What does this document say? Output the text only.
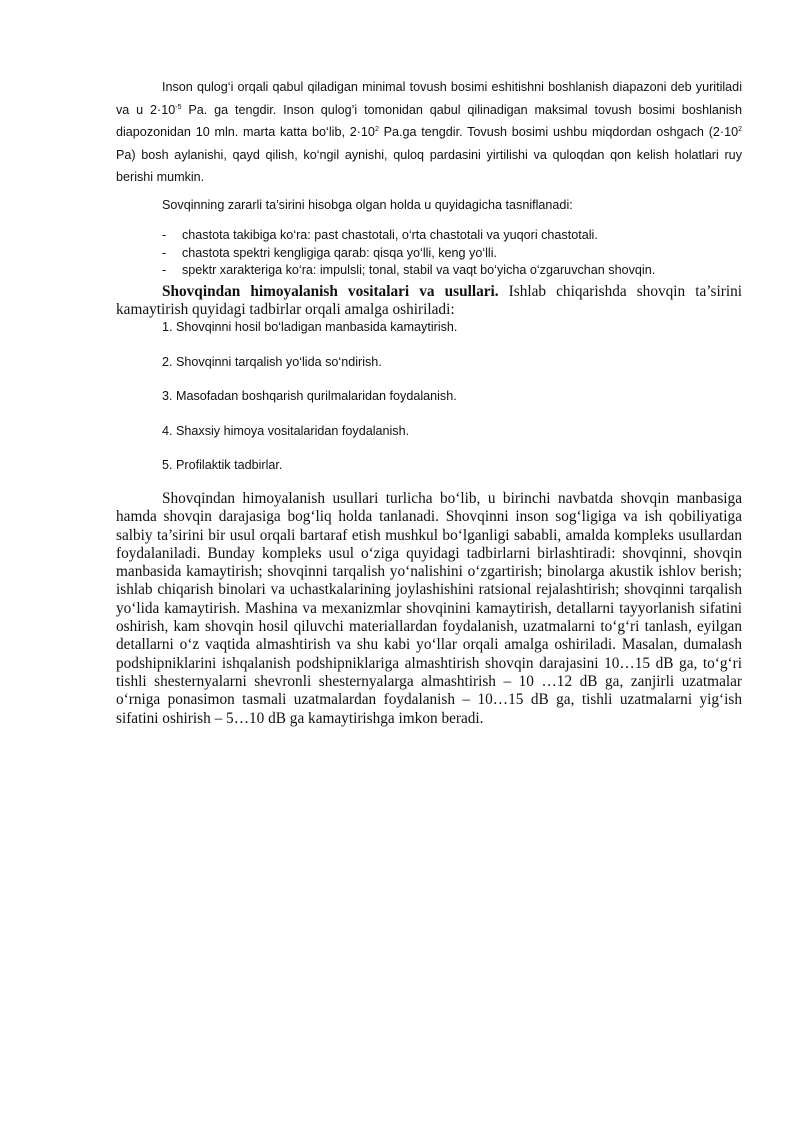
Inson qulog‘i orqali qabul qiladigan minimal tovush bosimi eshitishni boshlanish diapazoni deb yuritiladi va u $2\cdot 10^{-5}$ Pa. ga tengdir. Inson qulog’i tomonidan qabul qilinadigan maksimal tovush bosimi boshlanish diapozonidan 10 mln. marta katta bo‘lib, $2\cdot 10^2$ Pa.ga tengdir. Tovush bosimi ushbu miqdordan oshgach ($2\cdot 10^2$ Pa) bosh aylanishi, qayd qilish, ko‘ngil aynishi, quloq pardasini yirtilishi va quloqdan qon kelish holatlari ruy berishi mumkin.

Sovqinning zararli ta’sirini hisobga olgan holda u quyidagicha tasniflanadi:

- chastota takibiga ko‘ra: past chastotali, o‘rta chastotali va yuqori chastotali.
- chastota spektri kengligiga qarab: qisqa yo‘lli, keng yo‘lli.
- spektr xarakteriga ko‘ra: impulsli; tonal, stabil va vaqt bo‘yicha o‘zgaruvchan shovqin.

Shovqindan himoyalanish vositalari va usullari. Ishlab chiqarishda shovqin ta’sirini kamaytirish quyidagi tadbirlar orqali amalga oshiriladi:

1. Shovqinni hosil bo‘ladigan manbasida kamaytirish.
2. Shovqinni tarqalish yo‘lida so‘ndirish.
3. Masofadan boshqarish qurilmalaridan foydalanish.
4. Shaxsiy himoya vositalaridan foydalanish.
5. Profilaktik tadbirlar.

Shovqindan himoyalanish usullari turlicha bo‘lib, u birinchi navbatda shovqin manbasiga hamda shovqin darajasiga bog‘liq holda tanlanadi. Shovqinni inson sog‘ligiga va ish qobiliyatiga salbiy ta’sirini bir usul orqali bartaraf etish mushkul bo‘lganligi sababli, amalda kompleks usullardan foydalaniladi. Bunday kompleks usul o‘ziga quyidagi tadbirlarni birlashtiradi: shovqinni, shovqin manbasida kamaytirish; shovqinni tarqalish yo‘nalishini o‘zgartirish; binolarga akustik ishlov berish; ishlab chiqarish binolari va uchastkalarining joylashishini ratsional rejalashtirish; shovqinni tarqalish yo‘lida kamaytirish. Mashina va mexanizmlar shovqinini kamaytirish, detallarni tayyorlanish sifatini oshirish, kam shovqin hosil qiluvchi materiallardan foydalanish, uzatmalarni to‘g‘ri tanlash, eyilgan detallarni o‘z vaqtida almashtirish va shu kabi yo‘llar orqali amalga oshiriladi. Masalan, dumalash podshipniklarini ishqalanish podshipniklariga almashtirish shovqin darajasini 10…15 dB ga, to‘g‘ri tishli shesternyalarni shevronli shesternyalarga almashtirish – 10 …12 dB ga, zanjirli uzatmalar o‘rniga ponasimon tasmali uzatmalardan foydalanish – 10…15 dB ga, tishli uzatmalarni yig‘ish sifatini oshirish – 5…10 dB ga kamaytirishga imkon beradi.
